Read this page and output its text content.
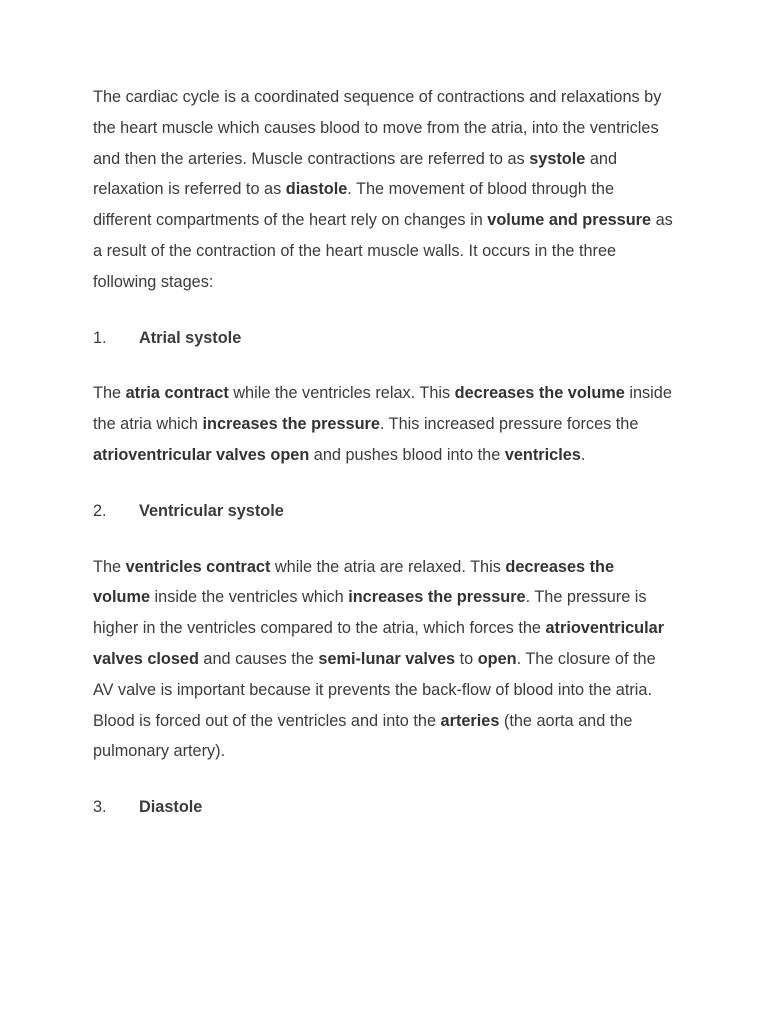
The cardiac cycle is a coordinated sequence of contractions and relaxations by the heart muscle which causes blood to move from the atria, into the ventricles and then the arteries. Muscle contractions are referred to as systole and relaxation is referred to as diastole. The movement of blood through the different compartments of the heart rely on changes in volume and pressure as a result of the contraction of the heart muscle walls. It occurs in the three following stages:

1.	Atrial systole

The atria contract while the ventricles relax. This decreases the volume inside the atria which increases the pressure. This increased pressure forces the atrioventricular valves open and pushes blood into the ventricles.

2.	Ventricular systole

The ventricles contract while the atria are relaxed. This decreases the volume inside the ventricles which increases the pressure. The pressure is higher in the ventricles compared to the atria, which forces the atrioventricular valves closed and causes the semi-lunar valves to open. The closure of the AV valve is important because it prevents the back-flow of blood into the atria. Blood is forced out of the ventricles and into the arteries (the aorta and the pulmonary artery).

3.	Diastole
